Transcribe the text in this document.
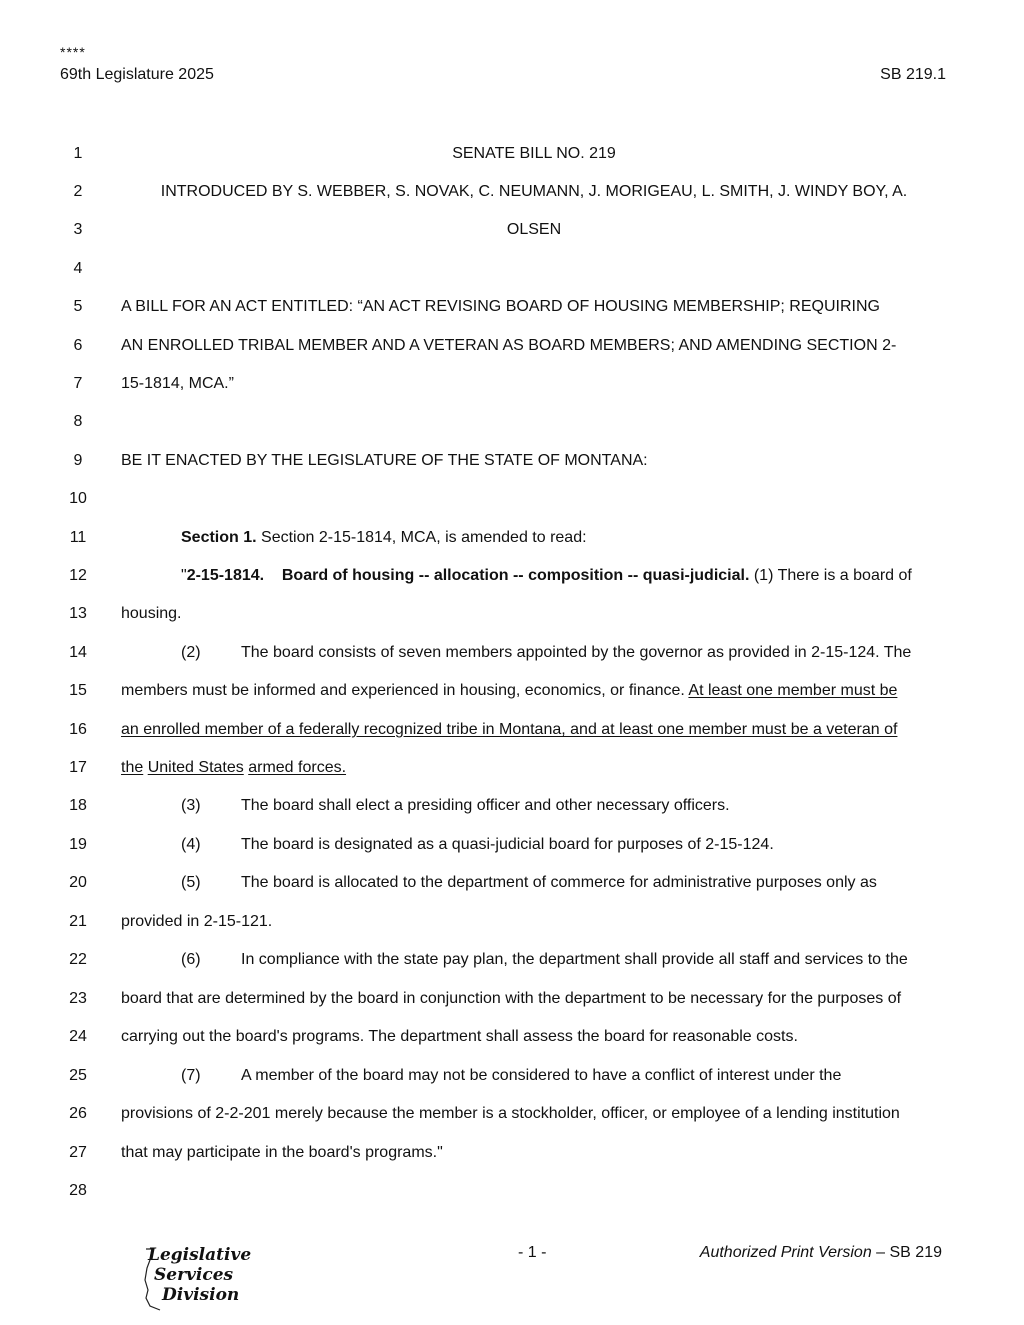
****
69th Legislature 2025	SB 219.1
1	SENATE BILL NO. 219
2	INTRODUCED BY S. WEBBER, S. NOVAK, C. NEUMANN, J. MORIGEAU, L. SMITH, J. WINDY BOY, A.
3	OLSEN
4
5	A BILL FOR AN ACT ENTITLED: “AN ACT REVISING BOARD OF HOUSING MEMBERSHIP; REQUIRING
6	AN ENROLLED TRIBAL MEMBER AND A VETERAN AS BOARD MEMBERS; AND AMENDING SECTION 2-
7	15-1814, MCA.”
8
9	BE IT ENACTED BY THE LEGISLATURE OF THE STATE OF MONTANA:
10
11	Section 1. Section 2-15-1814, MCA, is amended to read:
12	"2-15-1814.    Board of housing -- allocation -- composition -- quasi-judicial. (1) There is a board of
13	housing.
14	(2)	The board consists of seven members appointed by the governor as provided in 2-15-124. The
15	members must be informed and experienced in housing, economics, or finance. At least one member must be
16	an enrolled member of a federally recognized tribe in Montana, and at least one member must be a veteran of
17	the United States armed forces.
18	(3)	The board shall elect a presiding officer and other necessary officers.
19	(4)	The board is designated as a quasi-judicial board for purposes of 2-15-124.
20	(5)	The board is allocated to the department of commerce for administrative purposes only as
21	provided in 2-15-121.
22	(6)	In compliance with the state pay plan, the department shall provide all staff and services to the
23	board that are determined by the board in conjunction with the department to be necessary for the purposes of
24	carrying out the board's programs. The department shall assess the board for reasonable costs.
25	(7)	A member of the board may not be considered to have a conflict of interest under the
26	provisions of 2-2-201 merely because the member is a stockholder, officer, or employee of a lending institution
27	that may participate in the board's programs."
28
Legislative
Services
Division
- 1 -	Authorized Print Version – SB 219
